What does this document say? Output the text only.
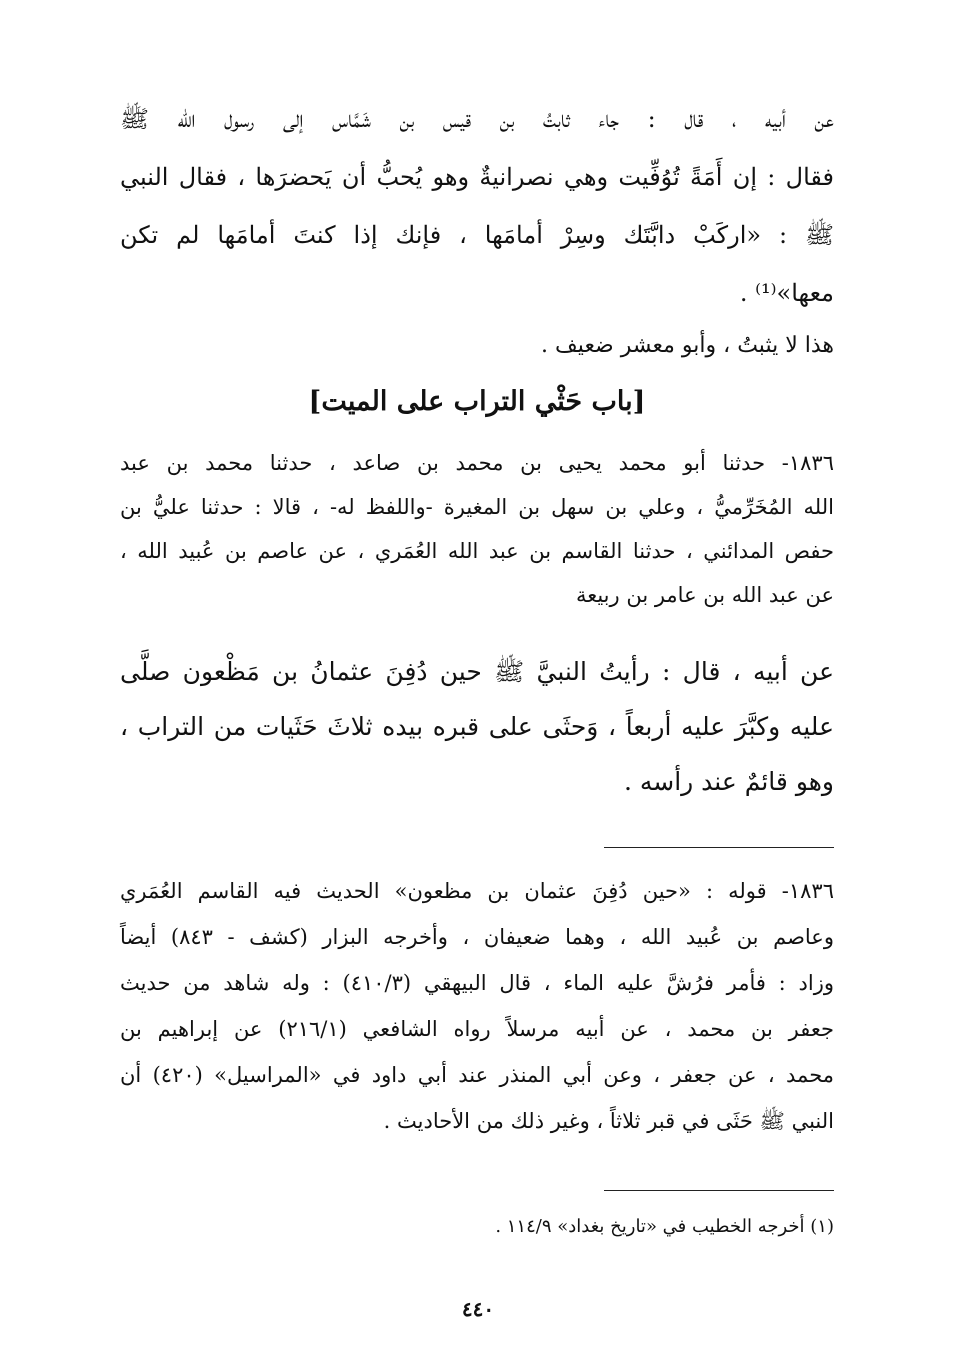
عن أبيه ، قال : جاء ثابتُ بن قيس بن شَمَّاس إلى رسول الله ﷺ
فقال : إن أَمَةً تُوُفِّيت وهي نصرانيةٌ وهو يُحبُّ أن يَحضرَها ، فقال النبي
ﷺ : «اركَبْ دابَّتَك وسِرْ أمامَها ، فإنك إذا كنتَ أمامَها لم تكن
معها»⁽¹⁾ .
هذا لا يثبتُ ، وأبو معشر ضعيف .
[باب حَثْي التراب على الميت]
١٨٣٦- حدثنا أبو محمد يحيى بن محمد بن صاعد ، حدثنا محمد بن عبد
الله المُخَرِّميُّ ، وعلي بن سهل بن المغيرة -واللفظ له- ، قالا : حدثنا عليُّ بن
حفص المدائني ، حدثنا القاسم بن عبد الله العُمَري ، عن عاصم بن عُبيد الله ،
عن عبد الله بن عامر بن ربيعة
عن أبيه ، قال : رأيتُ النبيَّ ﷺ حين دُفِنَ عثمانُ بن مَظْعون صلَّى
عليه وكبَّرَ عليه أربعاً ، وَحثَى على قبره بيده ثلاثَ حَثَيات من التراب ،
وهو قائمٌ عند رأسه .
١٨٣٦- قوله : «حين دُفِنَ عثمان بن مظعون» الحديث فيه القاسم العُمَري
وعاصم بن عُبيد الله ، وهما ضعيفان ، وأخرجه البزار (كشف - ٨٤٣) أيضاً
وزاد : فأمر فرُشَّ عليه الماء ، قال البيهقي (٤١٠/٣) : وله شاهد من حديث
جعفر بن محمد ، عن أبيه مرسلاً رواه الشافعي (٢١٦/١) عن إبراهيم بن
محمد ، عن جعفر ، وعن أبي المنذر عند أبي داود في «المراسيل» (٤٢٠) أن
النبي ﷺ حَثَى في قبر ثلاثاً ، وغير ذلك من الأحاديث .
(١) أخرجه الخطيب في «تاريخ بغداد» ١١٤/٩ .
٤٤٠
